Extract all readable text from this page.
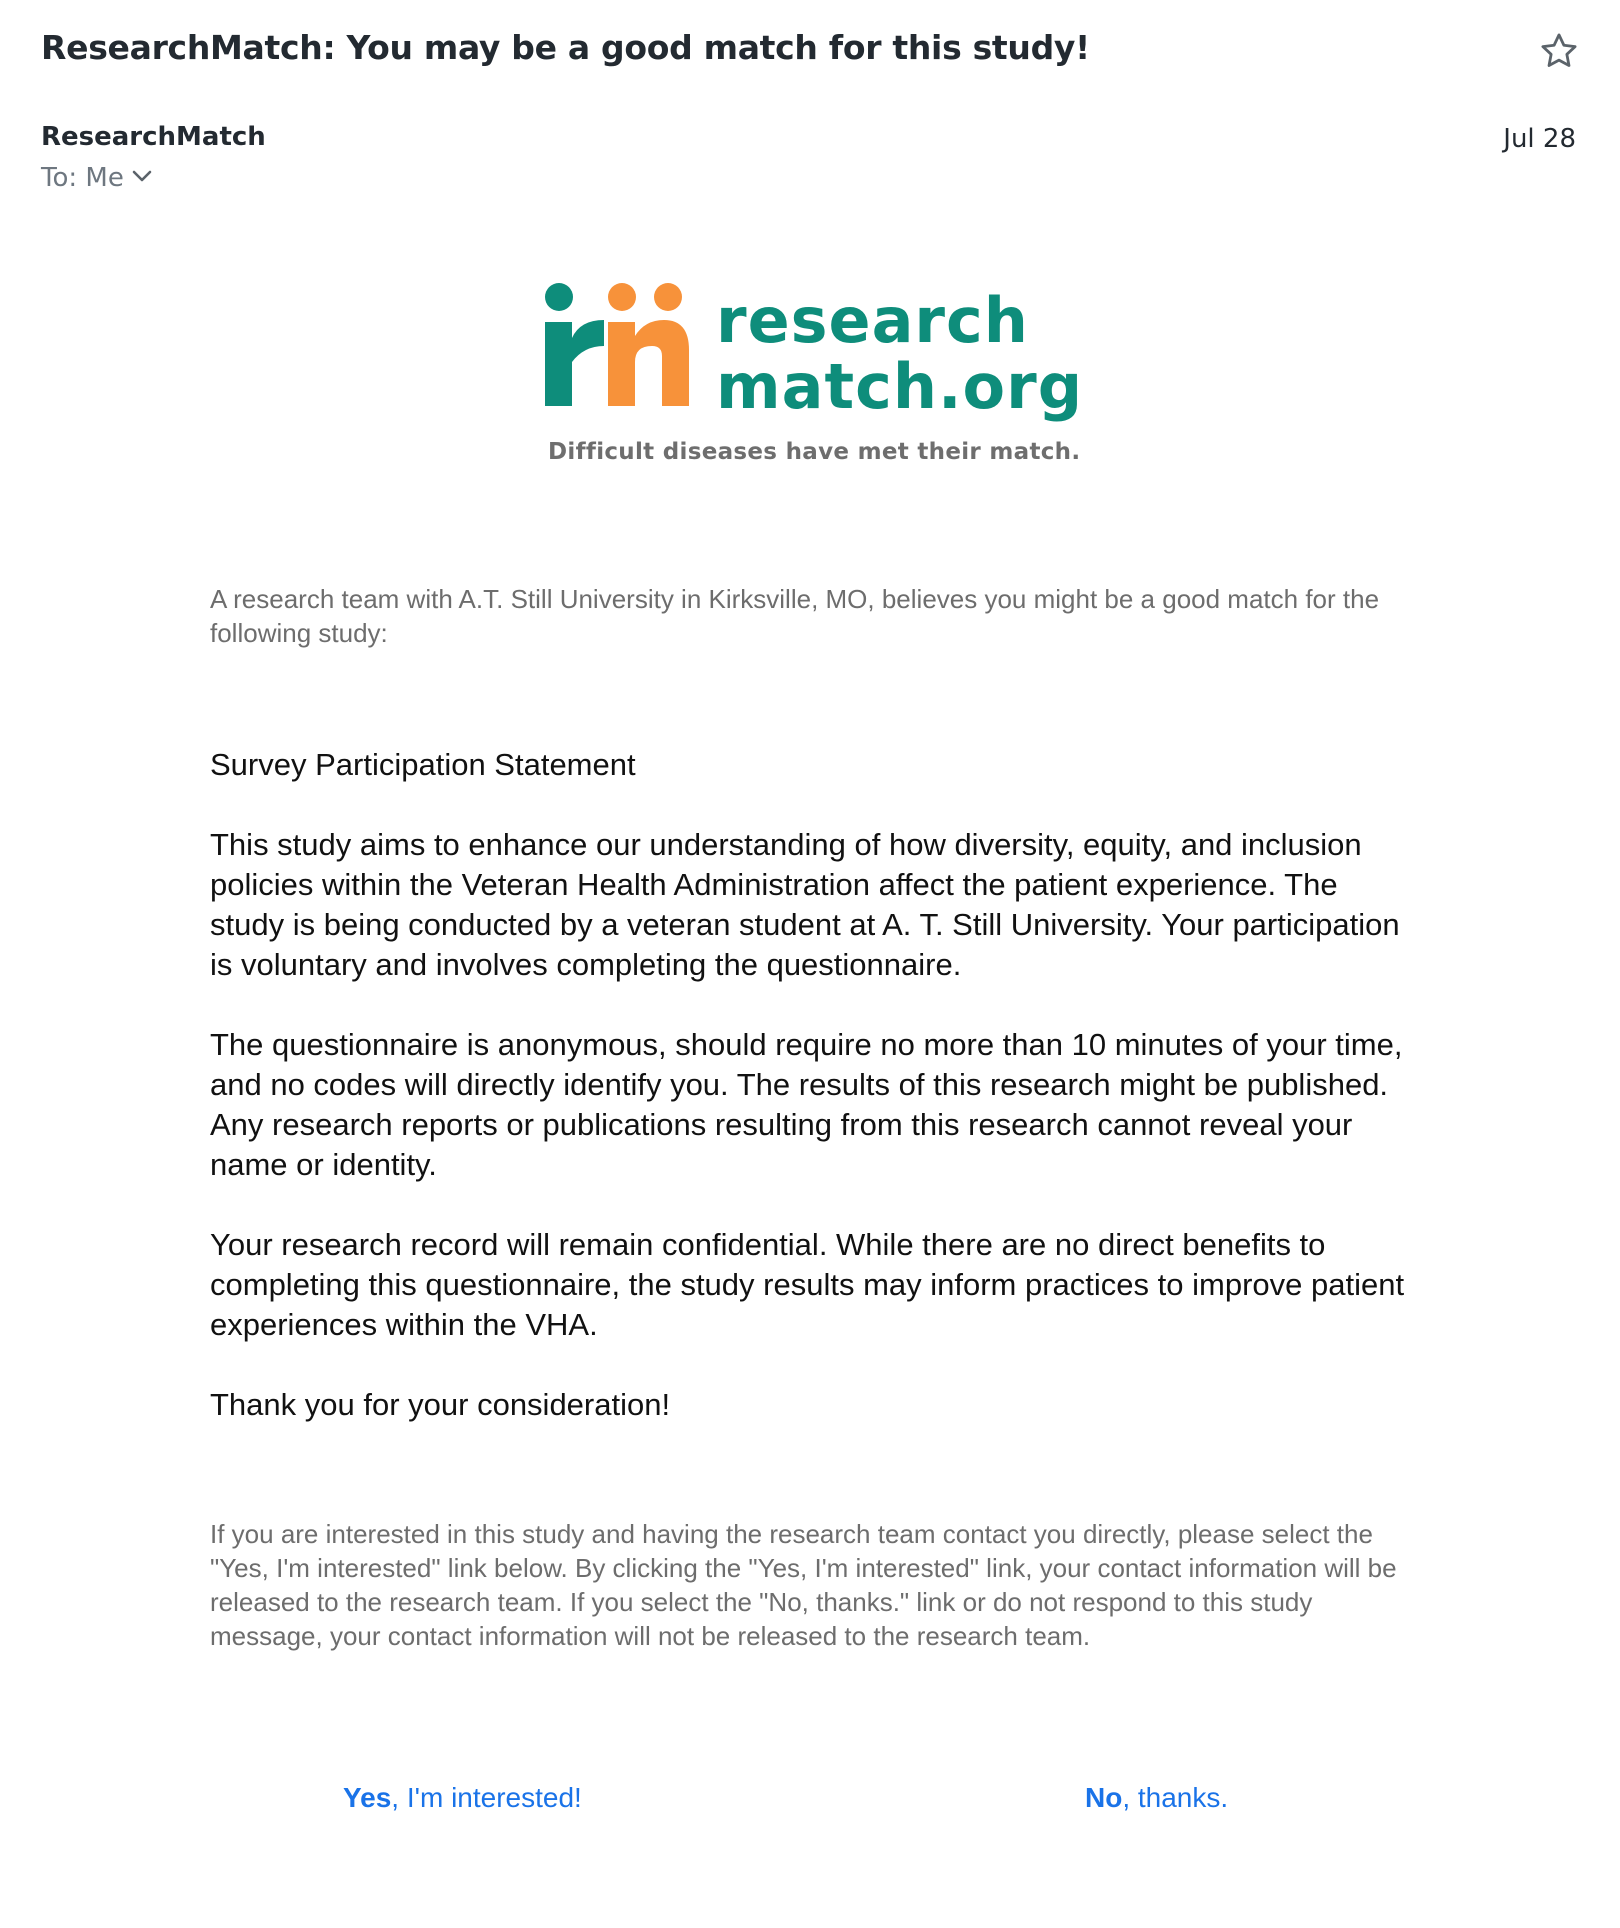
ResearchMatch: You may be a good match for this study!
ResearchMatch
To: Me
Jul 28
research
match.org
Difficult diseases have met their match.
A research team with A.T. Still University in Kirksville, MO, believes you might be a good match for the following study:
Survey Participation Statement
This study aims to enhance our understanding of how diversity, equity, and inclusion policies within the Veteran Health Administration affect the patient experience. The study is being conducted by a veteran student at A. T. Still University. Your participation is voluntary and involves completing the questionnaire.
The questionnaire is anonymous, should require no more than 10 minutes of your time, and no codes will directly identify you. The results of this research might be published. Any research reports or publications resulting from this research cannot reveal your name or identity.
Your research record will remain confidential. While there are no direct benefits to completing this questionnaire, the study results may inform practices to improve patient experiences within the VHA.
Thank you for your consideration!
If you are interested in this study and having the research team contact you directly, please select the "Yes, I'm interested" link below. By clicking the "Yes, I'm interested" link, your contact information will be released to the research team. If you select the "No, thanks." link or do not respond to this study message, your contact information will not be released to the research team.
Yes, I'm interested!	No, thanks.
